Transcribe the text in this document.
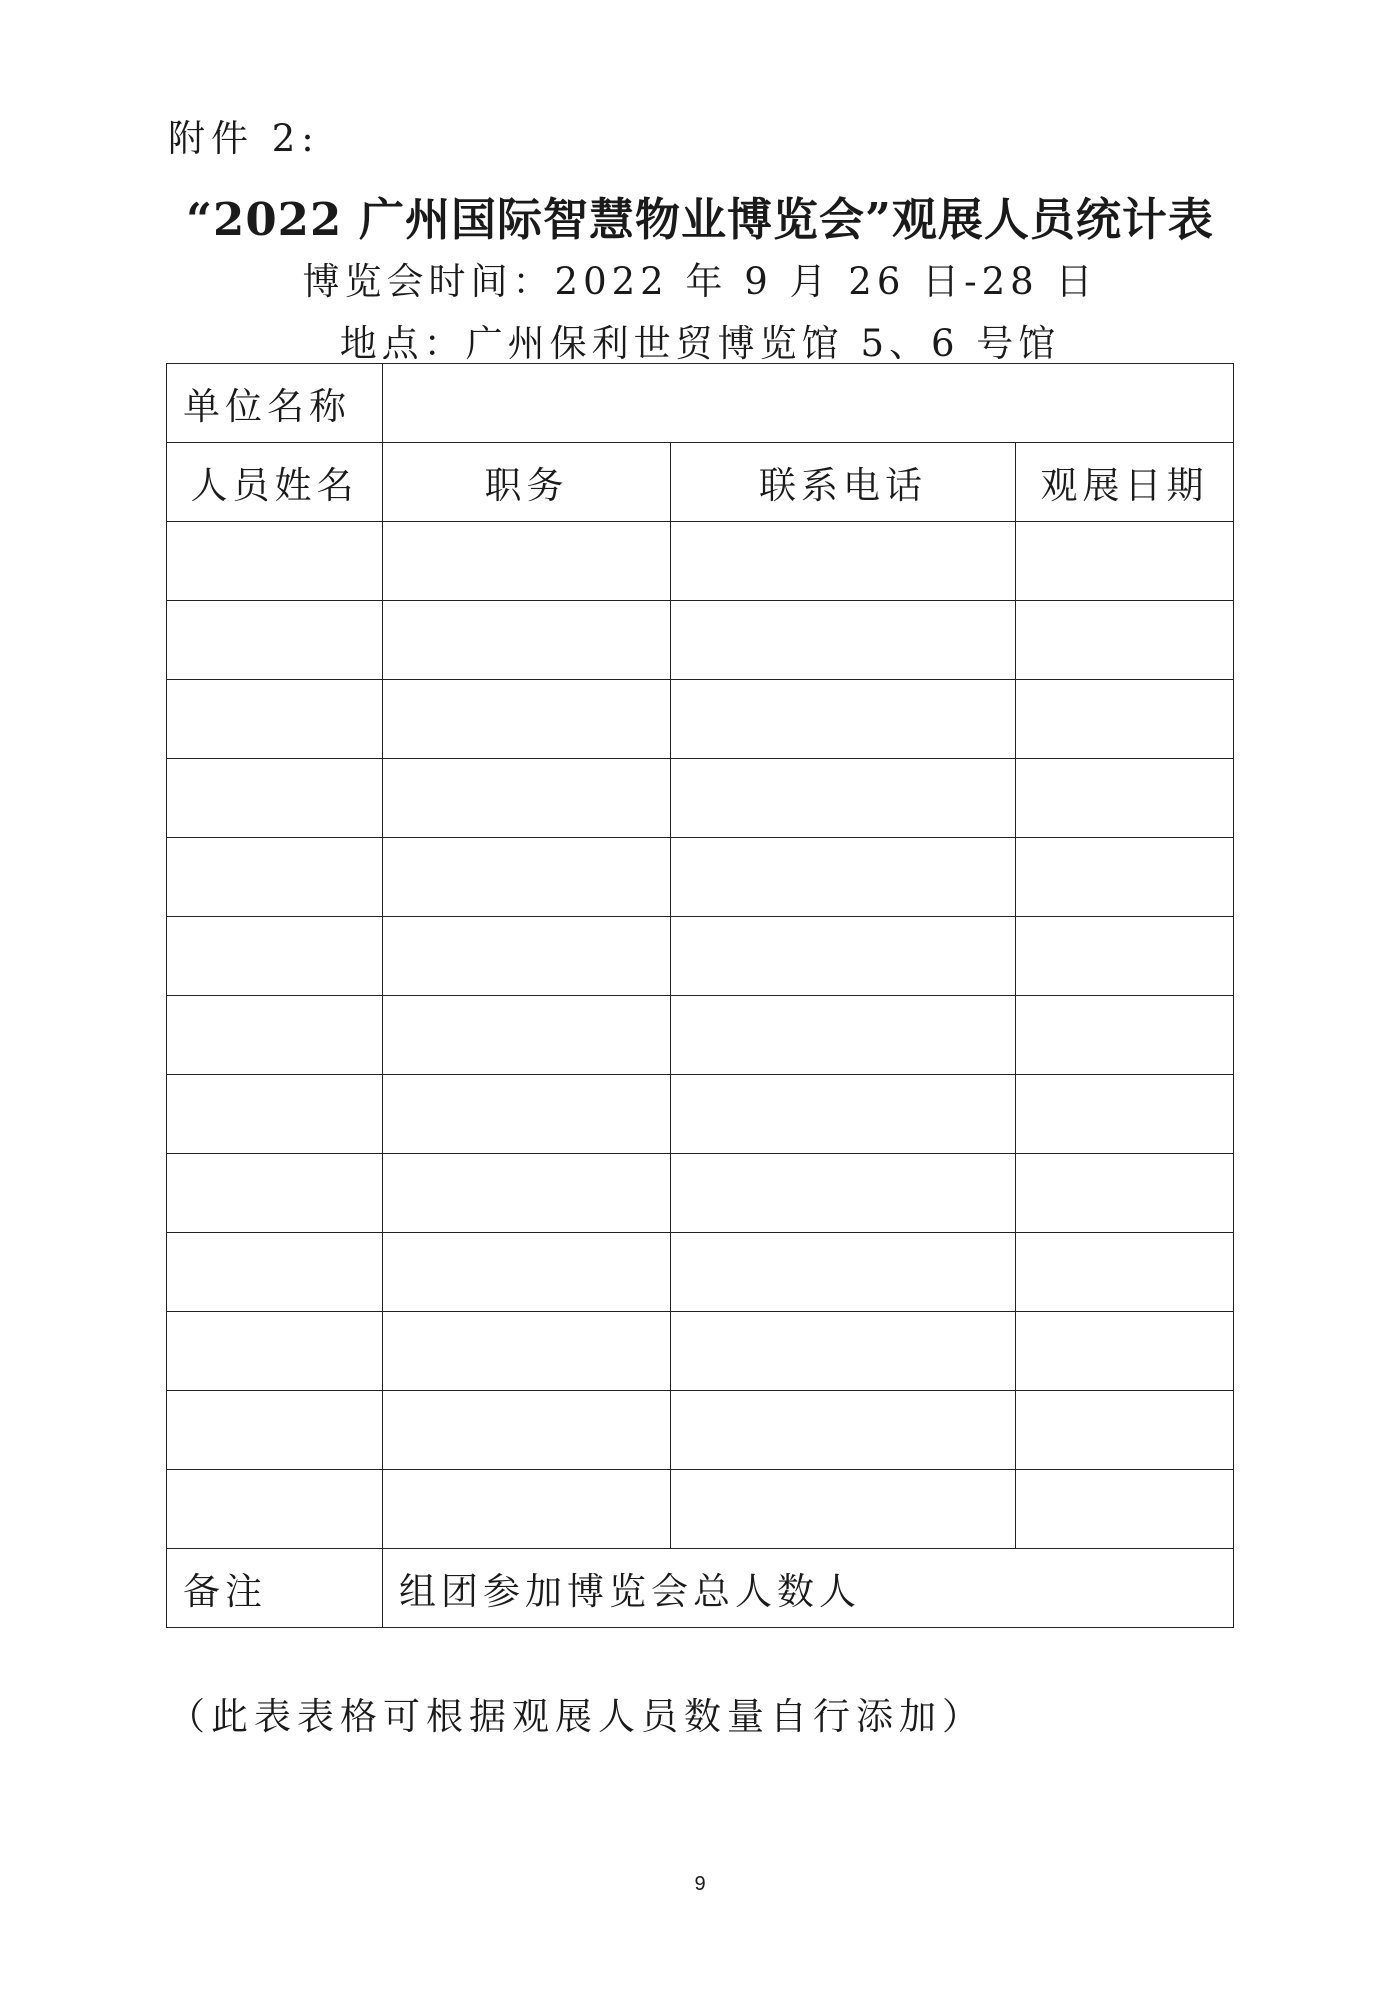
附件 2:
“2022 广州国际智慧物业博览会”观展人员统计表
博览会时间：2022 年 9 月 26 日-28 日
地点：广州保利世贸博览馆 5、6 号馆
单位名称			
人员姓名	职务	联系电话	观展日期

备注	组团参加博览会总人数人		
（此表表格可根据观展人员数量自行添加）
9
